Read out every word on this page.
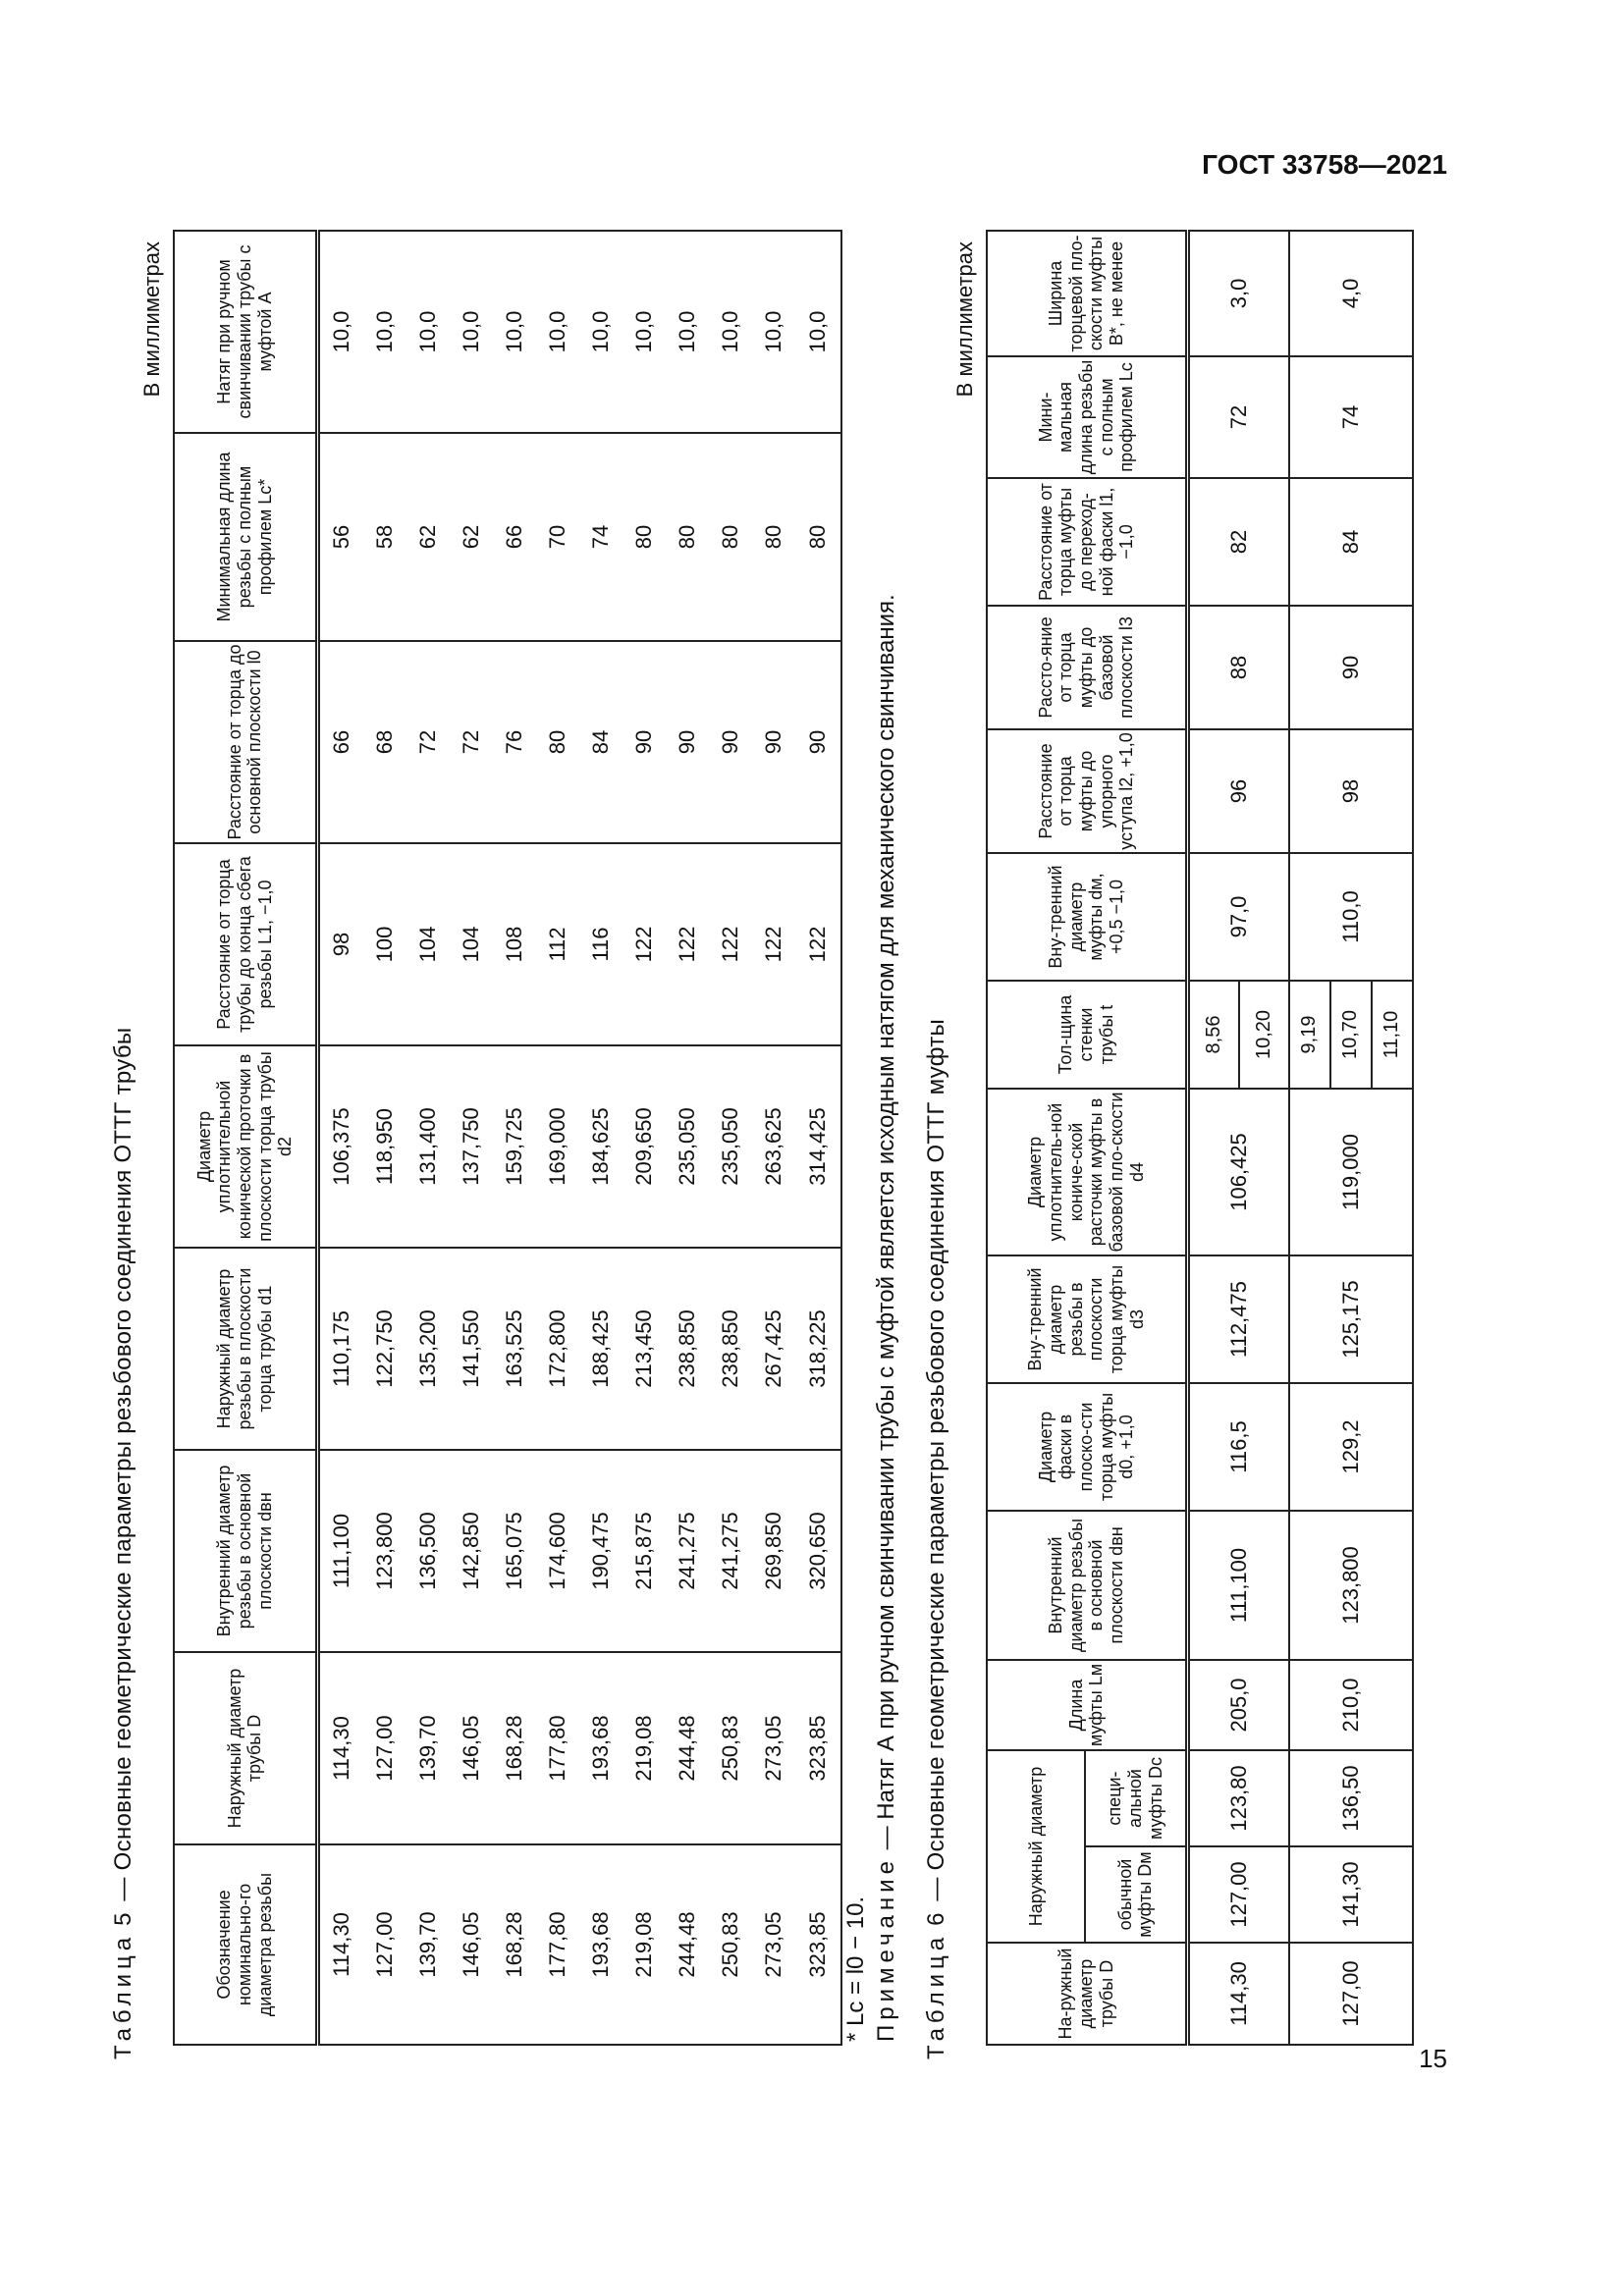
ГОСТ 33758—2021
15
Таблица 5 — Основные геометрические параметры резьбового соединения ОТТГ трубы
В миллиметрах
Обозначение номинально-го диаметра резьбы	Наружный диаметр трубы D	Внутренний диаметр резьбы в основной плоскости dвн	Наружный диаметр резьбы в плоскости торца трубы d1	Диаметр уплотнительной конической проточки в плоскости торца трубы d2	Расстояние от торца трубы до конца сбега резьбы L1, −1,0	Расстояние от торца до основной плоскости l0	Минимальная длина резьбы с полным профилем Lc*	Натяг при ручном свинчивании трубы с муфтой А
114,30	114,30	111,100	110,175	106,375	98	66	56	10,0
127,00	127,00	123,800	122,750	118,950	100	68	58	10,0
139,70	139,70	136,500	135,200	131,400	104	72	62	10,0
146,05	146,05	142,850	141,550	137,750	104	72	62	10,0
168,28	168,28	165,075	163,525	159,725	108	76	66	10,0
177,80	177,80	174,600	172,800	169,000	112	80	70	10,0
193,68	193,68	190,475	188,425	184,625	116	84	74	10,0
219,08	219,08	215,875	213,450	209,650	122	90	80	10,0
244,48	244,48	241,275	238,850	235,050	122	90	80	10,0
250,83	250,83	241,275	238,850	235,050	122	90	80	10,0
273,05	273,05	269,850	267,425	263,625	122	90	80	10,0
323,85	323,85	320,650	318,225	314,425	122	90	80	10,0
* Lc = l0 − 10. Примечание — Натяг А при ручном свинчивании трубы с муфтой является исходным натягом для механического свинчивания.
Таблица 6 — Основные геометрические параметры резьбового соединения ОТТГ муфты
В миллиметрах
На-ружный диаметр трубы D	Наружный диаметр		Длина муфты Lм	Внутренний диаметр резьбы в основной плоскости dвн	Диаметр фаски в плоско-сти торца муфты d0, +1,0	Вну-тренний диаметр резьбы в плоскости торца муфты d3	Диаметр уплотнитель-ной кониче-ской расточки муфты в базовой пло-скости d4	Тол-щина стенки трубы t	Вну-тренний диаметр муфты dм, +0,5 −1,0	Расстояние от торца муфты до упорного уступа l2, +1,0	Рассто-яние от торца муфты до базовой плоскости l3	Расстояние от торца муфты до переход-ной фаски l1, −1,0	Мини-мальная длина резьбы с полным профилем Lc	Ширина торцевой пло-скости муфты B*, не менее
	обычной муфты Dм	специ-альной муфты Dc												
114,30	127,00	123,80	205,0	111,100	116,5	112,475	106,425	8,56	97,0	96	88	82	72	3,0
								10,20						
127,00	141,30	136,50	210,0	123,800	129,2	125,175	119,000	9,19	110,0	98	90	84	74	4,0
								10,70						
								11,10						
